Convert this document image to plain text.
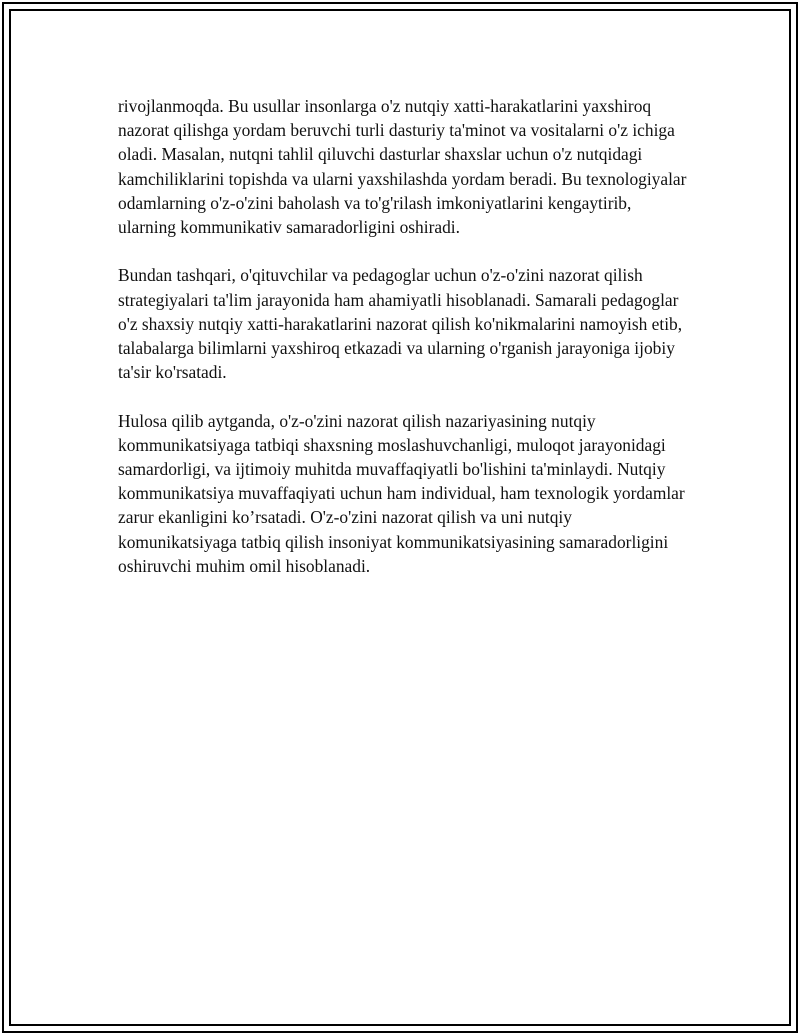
rivojlanmoqda. Bu usullar insonlarga o'z nutqiy xatti-harakatlarini yaxshiroq nazorat qilishga yordam beruvchi turli dasturiy ta'minot va vositalarni o'z ichiga oladi. Masalan, nutqni tahlil qiluvchi dasturlar shaxslar uchun o'z nutqidagi kamchiliklarini topishda va ularni yaxshilashda yordam beradi. Bu texnologiyalar odamlarning o'z-o'zini baholash va to'g'rilash imkoniyatlarini kengaytirib, ularning kommunikativ samaradorligini oshiradi.

Bundan tashqari, o'qituvchilar va pedagoglar uchun o'z-o'zini nazorat qilish strategiyalari ta'lim jarayonida ham ahamiyatli hisoblanadi. Samarali pedagoglar o'z shaxsiy nutqiy xatti-harakatlarini nazorat qilish ko'nikmalarini namoyish etib, talabalarga bilimlarni yaxshiroq etkazadi va ularning o'rganish jarayoniga ijobiy ta'sir ko'rsatadi.

Hulosa qilib aytganda, o'z-o'zini nazorat qilish nazariyasining nutqiy kommunikatsiyaga tatbiqi shaxsning moslashuvchanligi, muloqot jarayonidagi samardorligi, va ijtimoiy muhitda muvaffaqiyatli bo'lishini ta'minlaydi. Nutqiy kommunikatsiya muvaffaqiyati uchun ham individual, ham texnologik yordamlar zarur ekanligini ko’rsatadi. O'z-o'zini nazorat qilish va uni nutqiy komunikatsiyaga tatbiq qilish insoniyat kommunikatsiyasining samaradorligini oshiruvchi muhim omil hisoblanadi.
